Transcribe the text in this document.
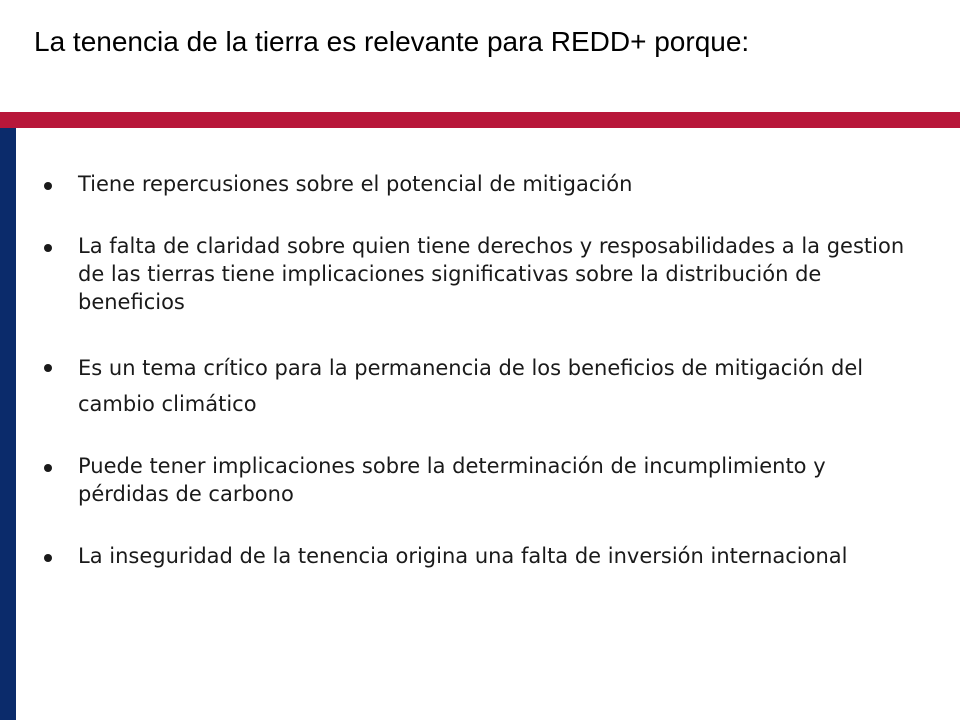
La tenencia de la tierra es relevante para REDD+ porque:
Tiene repercusiones sobre el potencial de mitigación
La falta de claridad sobre quien tiene derechos y resposabilidades a la gestion de las tierras tiene implicaciones significativas sobre la distribución de beneficios
Es un tema crítico para la permanencia de los beneficios de mitigación del cambio climático
Puede tener implicaciones sobre la determinación de incumplimiento y pérdidas de carbono
La inseguridad de la tenencia origina una falta de inversión internacional
